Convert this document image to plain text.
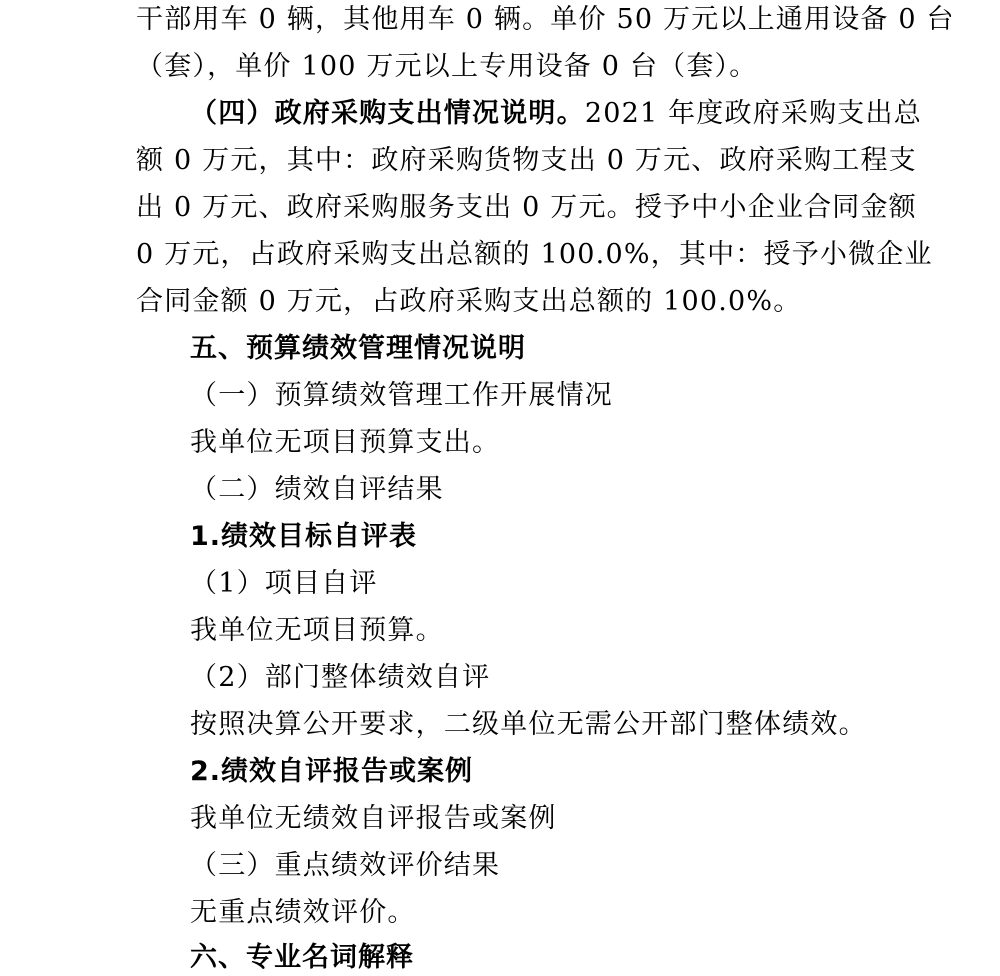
干部用车 0 辆，其他用车 0 辆。单价 50 万元以上通用设备 0 台
（套），单价 100 万元以上专用设备 0 台（套）。
（四）政府采购支出情况说明。2021 年度政府采购支出总
额 0 万元，其中：政府采购货物支出 0 万元、政府采购工程支
出 0 万元、政府采购服务支出 0 万元。授予中小企业合同金额
0 万元，占政府采购支出总额的 100.0%，其中：授予小微企业
合同金额 0 万元，占政府采购支出总额的 100.0%。
五、预算绩效管理情况说明
（一）预算绩效管理工作开展情况
我单位无项目预算支出。
（二）绩效自评结果
1.绩效目标自评表
（1）项目自评
我单位无项目预算。
（2）部门整体绩效自评
按照决算公开要求，二级单位无需公开部门整体绩效。
2.绩效自评报告或案例
我单位无绩效自评报告或案例
（三）重点绩效评价结果
无重点绩效评价。
六、专业名词解释
